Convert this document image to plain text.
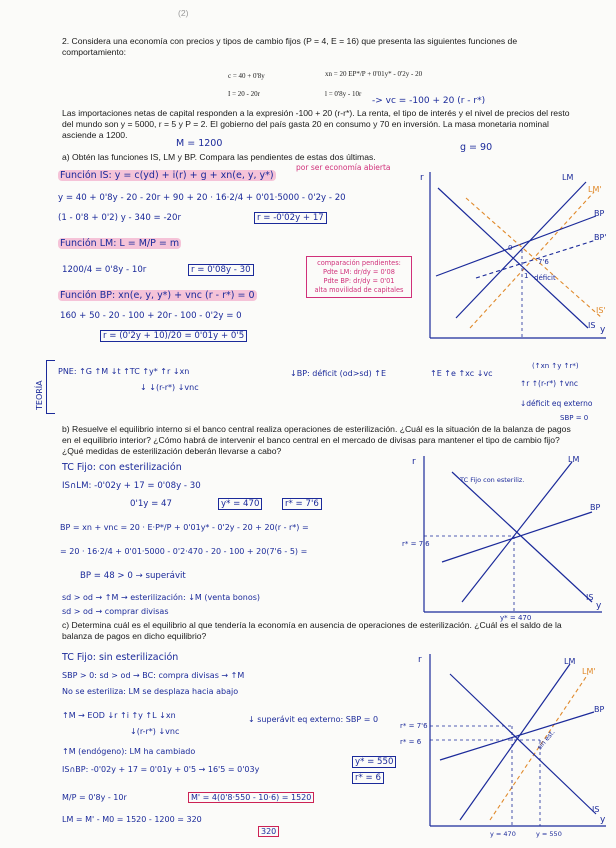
(2)
2. Considera una economía con precios y tipos de cambio fijos (P = 4, E = 16) que presenta las siguientes funciones de comportamiento:
c = 40 + 0'8y	xn = 20 EP*/P + 0'01y* - 0'2y - 20
I = 20 - 20r	l = 0'8y - 10r
-> vc = -100 + 20 (r - r*)
Las importaciones netas de capital responden a la expresión -100 + 20 (r-r*). La renta, el tipo de interés y el nivel de precios del resto del mundo son y = 5000, r = 5 y P = 2. El gobierno del país gasta 20 en consumo y 70 en inversión. La masa monetaria nominal asciende a 1200.
g = 90
M = 1200
a) Obtén las funciones IS, LM y BP. Compara las pendientes de estas dos últimas.
Función IS: y = c(yd) + i(r) + g + xn(e, y, y*)
por ser economía abierta
y = 40 + 0'8y - 20 - 20r + 90 + 20 · 16·2/4 + 0'01·5000 - 0'2y - 20
(1 - 0'8 + 0'2) y - 340 = -20r	r = -0'02y + 17
Función LM: L = M/P = m
1200/4 = 0'8y - 10r	r = 0'08y - 30
Función BP: xn(e, y, y*) + vnc (r - r*) = 0
160 + 50 - 20 - 100 + 20r - 100 - 0'2y = 0
r = (0'2y + 10)/20 = 0'01y + 0'5
comparación pendientes:
Pdte LM: dr/dy = 0'08
Pdte BP: dr/dy = 0'01
alta movilidad de capitales
TEORÍA
PNE: ↑G ↑M ↓t ↑TC ↑y* ↑r ↓xn
↓ ↓(r-r*) ↓vnc
↓BP: déficit (od>sd) ↑E	↑E ↑e ↑xc ↓vc
(↑xn ↑y ↑r*)
↑r ↑(r-r*) ↑vnc
↓déficit eq externo
SBP = 0
r
y
LM
LM'
BP
BP'
IS
IS'
déficit
0
1
7'6
b) Resuelve el equilibrio interno si el banco central realiza operaciones de esterilización. ¿Cuál es la situación de la balanza de pagos en el equilibrio interior? ¿Cómo habrá de intervenir el banco central en el mercado de divisas para mantener el tipo de cambio fijo? ¿Qué medidas de esterilización deberán llevarse a cabo?
TC Fijo: con esterilización
IS∩LM: -0'02y + 17 = 0'08y - 30
0'1y = 47	y* = 470	r* = 7'6
BP = xn + vnc = 20 · E·P*/P + 0'01y* - 0'2y - 20 + 20(r - r*) =
= 20 · 16·2/4 + 0'01·5000 - 0'2·470 - 20 - 100 + 20(7'6 - 5) =
BP = 48 > 0 → superávit
sd > od → ↑M → esterilización: ↓M (venta bonos)
sd > od → comprar divisas
r
y
LM
BP
IS
TC Fijo con esteriliz.
r* = 7'6
y* = 470
c) Determina cuál es el equilibrio al que tendería la economía en ausencia de operaciones de esterilización. ¿Cuál es el saldo de la balanza de pagos en dicho equilibrio?
TC Fijo: sin esterilización
SBP > 0: sd > od → BC: compra divisas → ↑M
No se esteriliza: LM se desplaza hacia abajo
↑M → EOD ↓r ↑i ↑y ↑L ↓xn
↓(r-r*) ↓vnc
↓ superávit eq externo: SBP = 0
↑M (endógeno): LM ha cambiado
IS∩BP: -0'02y + 17 = 0'01y + 0'5 → 16'5 = 0'03y
y* = 550
r* = 6
M/P = 0'8y - 10r	M' = 4(0'8·550 - 10·6) = 1520
LM = M' - M0 = 1520 - 1200 = 320
320
r
y
LM
LM'
BP
IS
sin est.
r* = 7'6
r* = 6
y = 470	y = 550
